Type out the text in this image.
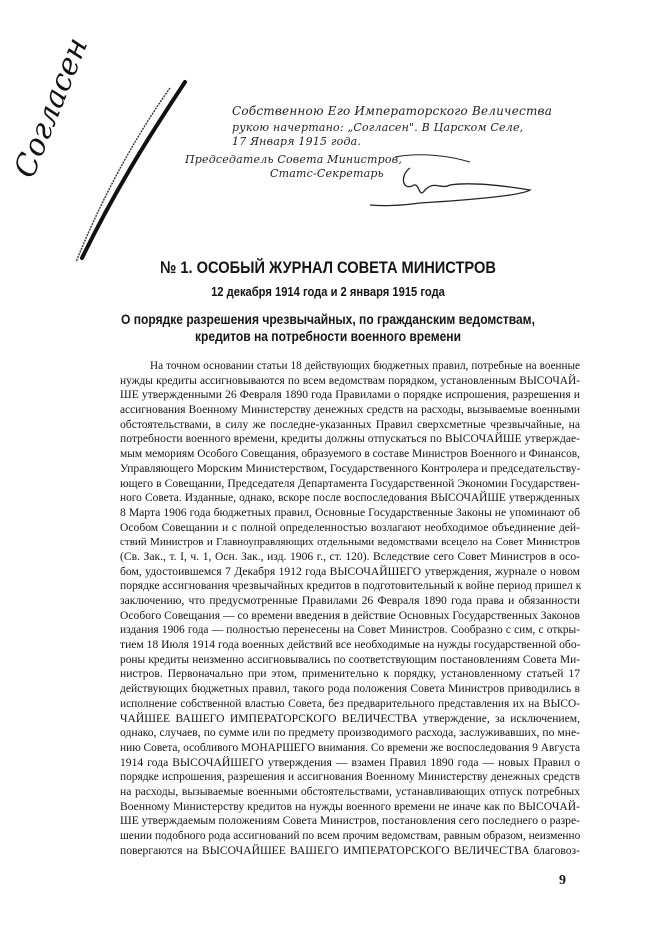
Согласен	Собственною Его Императорского Величества
рукою начертано: „Согласен". В Царском Селе,
17 Января 1915 года.
Председатель Совета Министров,
Статс-Секретарь
№ 1. ОСОБЫЙ ЖУРНАЛ СОВЕТА МИНИСТРОВ
12 декабря 1914 года и 2 января 1915 года
О порядке разрешения чрезвычайных, по гражданским ведомствам,
кредитов на потребности военного времени
На точном основании статьи 18 действующих бюджетных правил, потребные на военные
нужды кредиты ассигновываются по всем ведомствам порядком, установленным ВЫСОЧАЙ-
ШЕ утвержденными 26 Февраля 1890 года Правилами о порядке испрошения, разрешения и
ассигнования Военному Министерству денежных средств на расходы, вызываемые военными
обстоятельствами, в силу же последне-указанных Правил сверхсметные чрезвычайные, на
потребности военного времени, кредиты должны отпускаться по ВЫСОЧАЙШЕ утверждае-
мым мемориям Особого Совещания, образуемого в составе Министров Военного и Финансов,
Управляющего Морским Министерством, Государственного Контролера и председательству-
ющего в Совещании, Председателя Департамента Государственной Экономии Государствен-
ного Совета. Изданные, однако, вскоре после воспоследования ВЫСОЧАЙШЕ утвержденных
8 Марта 1906 года бюджетных правил, Основные Государственные Законы не упоминают об
Особом Совещании и с полной определенностью возлагают необходимое объединение дей-
ствий Министров и Главноуправляющих отдельными ведомствами всецело на Совет Министров
(Св. Зак., т. I, ч. 1, Осн. Зак., изд. 1906 г., ст. 120). Вследствие сего Совет Министров в осо-
бом, удостоившемся 7 Декабря 1912 года ВЫСОЧАЙШЕГО утверждения, журнале о новом
порядке ассигнования чрезвычайных кредитов в подготовительный к войне период пришел к
заключению, что предусмотренные Правилами 26 Февраля 1890 года права и обязанности
Особого Совещания — со времени введения в действие Основных Государственных Законов
издания 1906 года — полностью перенесены на Совет Министров. Сообразно с сим, с откры-
тием 18 Июля 1914 года военных действий все необходимые на нужды государственной обо-
роны кредиты неизменно ассигновывались по соответствующим постановлениям Совета Ми-
нистров. Первоначально при этом, применительно к порядку, установленному статьей 17
действующих бюджетных правил, такого рода положения Совета Министров приводились в
исполнение собственной властью Совета, без предварительного представления их на ВЫСО-
ЧАЙШЕЕ ВАШЕГО ИМПЕРАТОРСКОГО ВЕЛИЧЕСТВА утверждение, за исключением,
однако, случаев, по сумме или по предмету производимого расхода, заслуживавших, по мне-
нию Совета, особливого МОНАРШЕГО внимания. Со времени же воспоследования 9 Августа
1914 года ВЫСОЧАЙШЕГО утверждения — взамен Правил 1890 года — новых Правил о
порядке испрошения, разрешения и ассигнования Военному Министерству денежных средств
на расходы, вызываемые военными обстоятельствами, устанавливающих отпуск потребных
Военному Министерству кредитов на нужды военного времени не иначе как по ВЫСОЧАЙ-
ШЕ утверждаемым положениям Совета Министров, постановления сего последнего о разре-
шении подобного рода ассигнований по всем прочим ведомствам, равным образом, неизменно
повергаются на ВЫСОЧАЙШЕЕ ВАШЕГО ИМПЕРАТОРСКОГО ВЕЛИЧЕСТВА благовоз-
9
